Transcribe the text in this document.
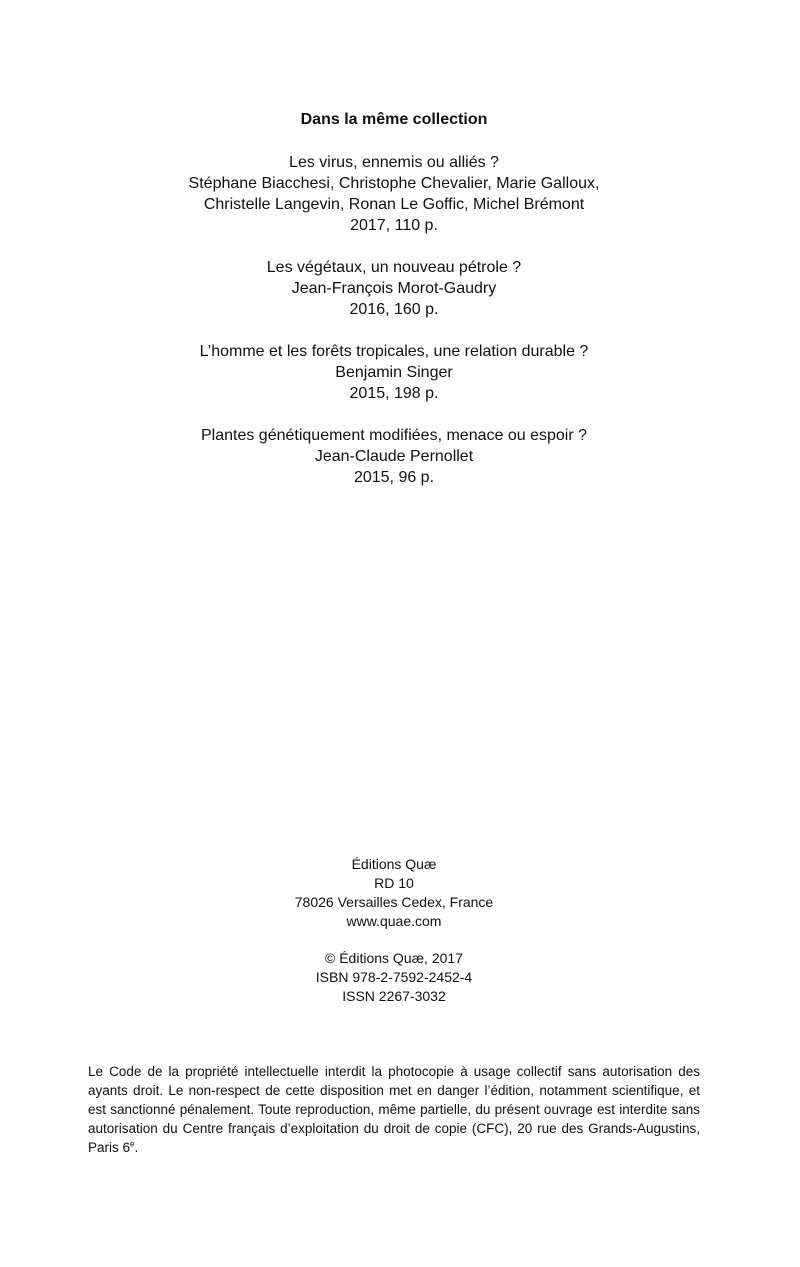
Dans la même collection
Les virus, ennemis ou alliés ?
Stéphane Biacchesi, Christophe Chevalier, Marie Galloux,
Christelle Langevin, Ronan Le Goffic, Michel Brémont
2017, 110 p.
Les végétaux, un nouveau pétrole ?
Jean-François Morot-Gaudry
2016, 160 p.
L’homme et les forêts tropicales, une relation durable ?
Benjamin Singer
2015, 198 p.
Plantes génétiquement modifiées, menace ou espoir ?
Jean-Claude Pernollet
2015, 96 p.
Éditions Quæ
RD 10
78026 Versailles Cedex, France
www.quae.com
© Éditions Quæ, 2017
ISBN 978-2-7592-2452-4
ISSN 2267-3032
Le Code de la propriété intellectuelle interdit la photocopie à usage collectif sans autorisation des ayants droit. Le non-respect de cette disposition met en danger l’édition, notamment scientifique, et est sanctionné pénalement. Toute reproduction, même partielle, du présent ouvrage est interdite sans autorisation du Centre français d’exploitation du droit de copie (CFC), 20 rue des Grands-Augustins, Paris 6e.
